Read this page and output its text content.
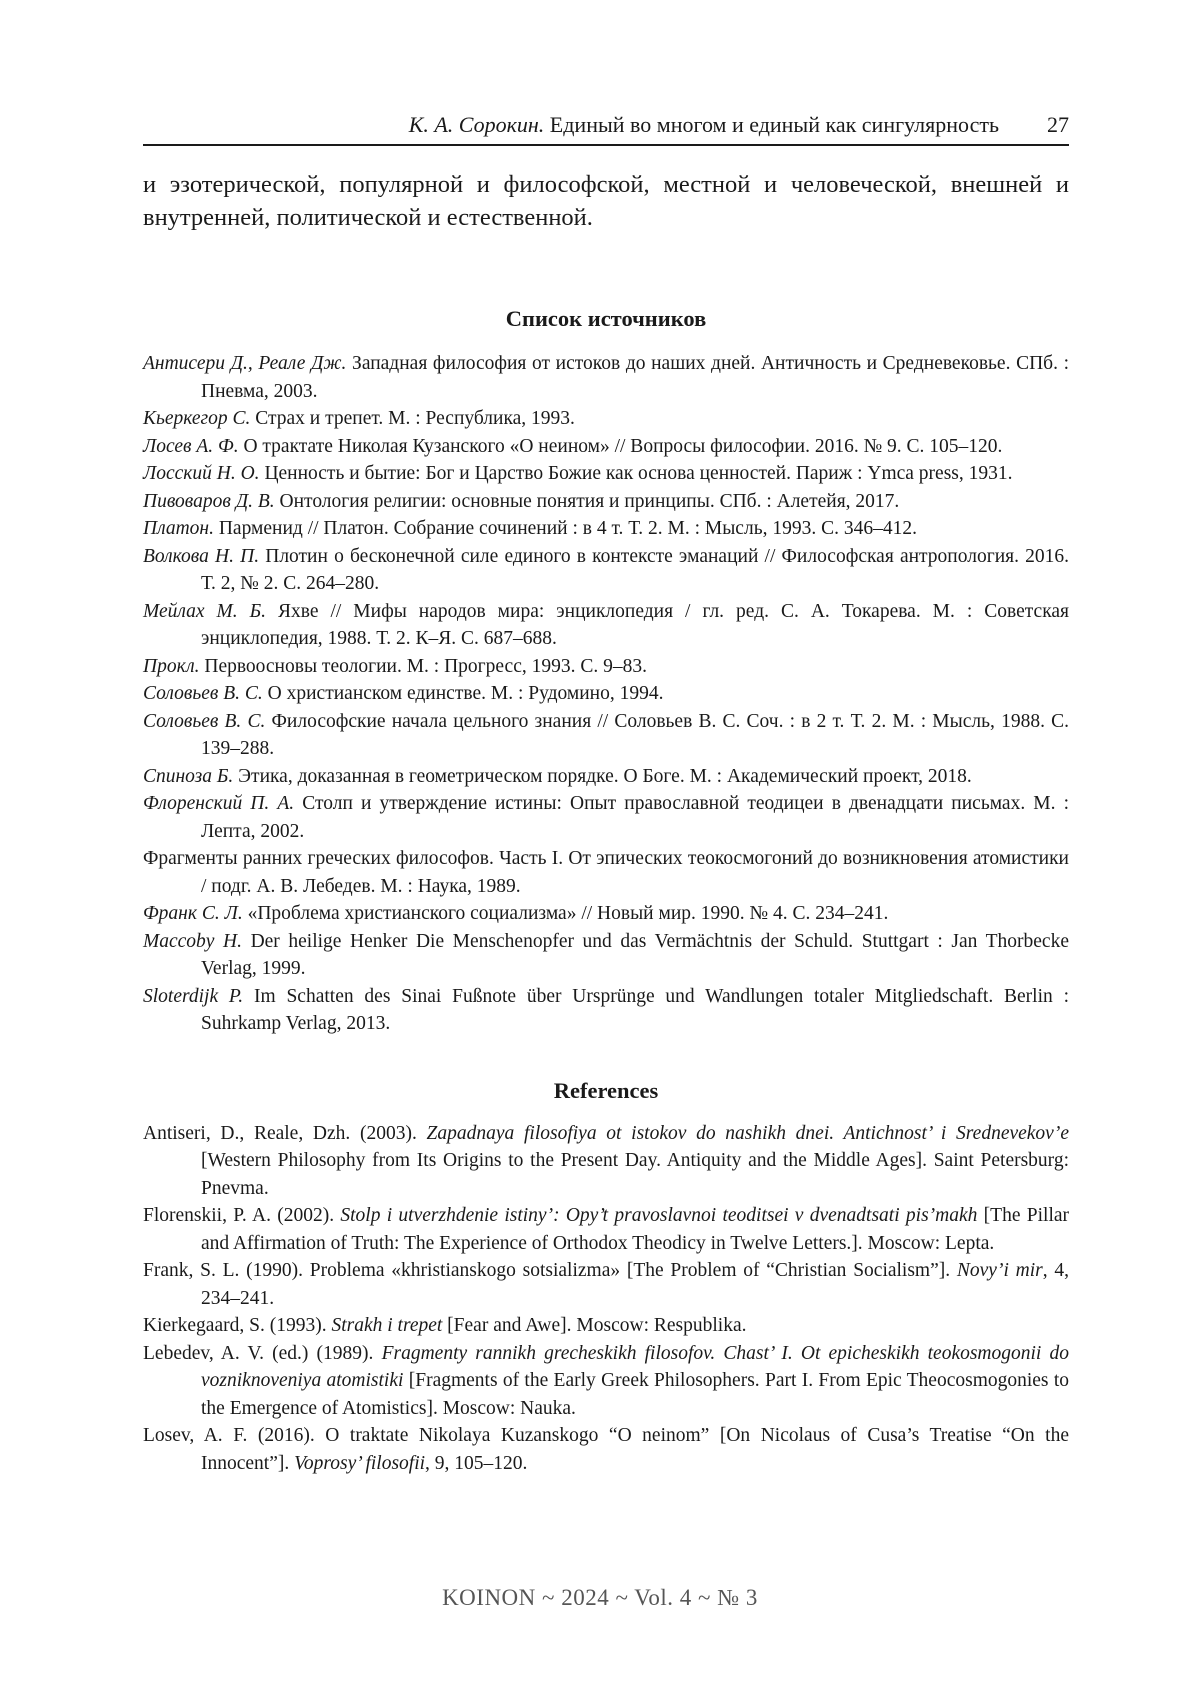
К. А. Сорокин. Единый во многом и единый как сингулярность	27
и эзотерической, популярной и философской, местной и человеческой, внешней и внутренней, политической и естественной.
Список источников
Антисери Д., Реале Дж. Западная философия от истоков до наших дней. Античность и Средневековье. СПб. : Пневма, 2003.
Кьеркегор С. Страх и трепет. М. : Республика, 1993.
Лосев А. Ф. О трактате Николая Кузанского «О неином» // Вопросы философии. 2016. № 9. С. 105–120.
Лосский Н. О. Ценность и бытие: Бог и Царство Божие как основа ценностей. Париж : Ymca press, 1931.
Пивоваров Д. В. Онтология религии: основные понятия и принципы. СПб. : Алетейя, 2017.
Платон. Парменид // Платон. Собрание сочинений : в 4 т. Т. 2. М. : Мысль, 1993. С. 346–412.
Волкова Н. П. Плотин о бесконечной силе единого в контексте эманаций // Философская антропология. 2016. Т. 2, № 2. С. 264–280.
Мейлах М. Б. Яхве // Мифы народов мира: энциклопедия / гл. ред. С. А. Токарева. М. : Советская энциклопедия, 1988. Т. 2. К–Я. С. 687–688.
Прокл. Первоосновы теологии. М. : Прогресс, 1993. С. 9–83.
Соловьев В. С. О христианском единстве. М. : Рудомино, 1994.
Соловьев В. С. Философские начала цельного знания // Соловьев В. С. Соч. : в 2 т. Т. 2. М. : Мысль, 1988. С. 139–288.
Спиноза Б. Этика, доказанная в геометрическом порядке. О Боге. М. : Академический проект, 2018.
Флоренский П. А. Столп и утверждение истины: Опыт православной теодицеи в двенадцати письмах. М. : Лепта, 2002.
Фрагменты ранних греческих философов. Часть I. От эпических теокосмогоний до возникновения атомистики / подг. А. В. Лебедев. М. : Наука, 1989.
Франк С. Л. «Проблема христианского социализма» // Новый мир. 1990. № 4. С. 234–241.
Maccoby H. Der heilige Henker Die Menschenopfer und das Vermächtnis der Schuld. Stuttgart : Jan Thorbecke Verlag, 1999.
Sloterdijk P. Im Schatten des Sinai Fußnote über Ursprünge und Wandlungen totaler Mitgliedschaft. Berlin : Suhrkamp Verlag, 2013.
References
Antiseri, D., Reale, Dzh. (2003). Zapadnaya filosofiya ot istokov do nashikh dnei. Antichnost’ i Srednevekov’e [Western Philosophy from Its Origins to the Present Day. Antiquity and the Middle Ages]. Saint Petersburg: Pnevma.
Florenskii, P. A. (2002). Stolp i utverzhdenie istiny’: Opy’t pravoslavnoi teoditsei v dvenadtsati pis’makh [The Pillar and Affirmation of Truth: The Experience of Orthodox Theodicy in Twelve Letters.]. Moscow: Lepta.
Frank, S. L. (1990). Problema «khristianskogo sotsializma» [The Problem of “Christian Socialism”]. Novy’i mir, 4, 234–241.
Kierkegaard, S. (1993). Strakh i trepet [Fear and Awe]. Moscow: Respublika.
Lebedev, A. V. (ed.) (1989). Fragmenty rannikh grecheskikh filosofov. Chast’ I. Ot epicheskikh teokosmogonii do vozniknoveniya atomistiki [Fragments of the Early Greek Philosophers. Part I. From Epic Theocosmogonies to the Emergence of Atomistics]. Moscow: Nauka.
Losev, A. F. (2016). O traktate Nikolaya Kuzanskogo “O neinom” [On Nicolaus of Cusa’s Treatise “On the Innocent”]. Voprosy’ filosofii, 9, 105–120.
KOINON ~ 2024 ~ Vol. 4 ~ № 3
